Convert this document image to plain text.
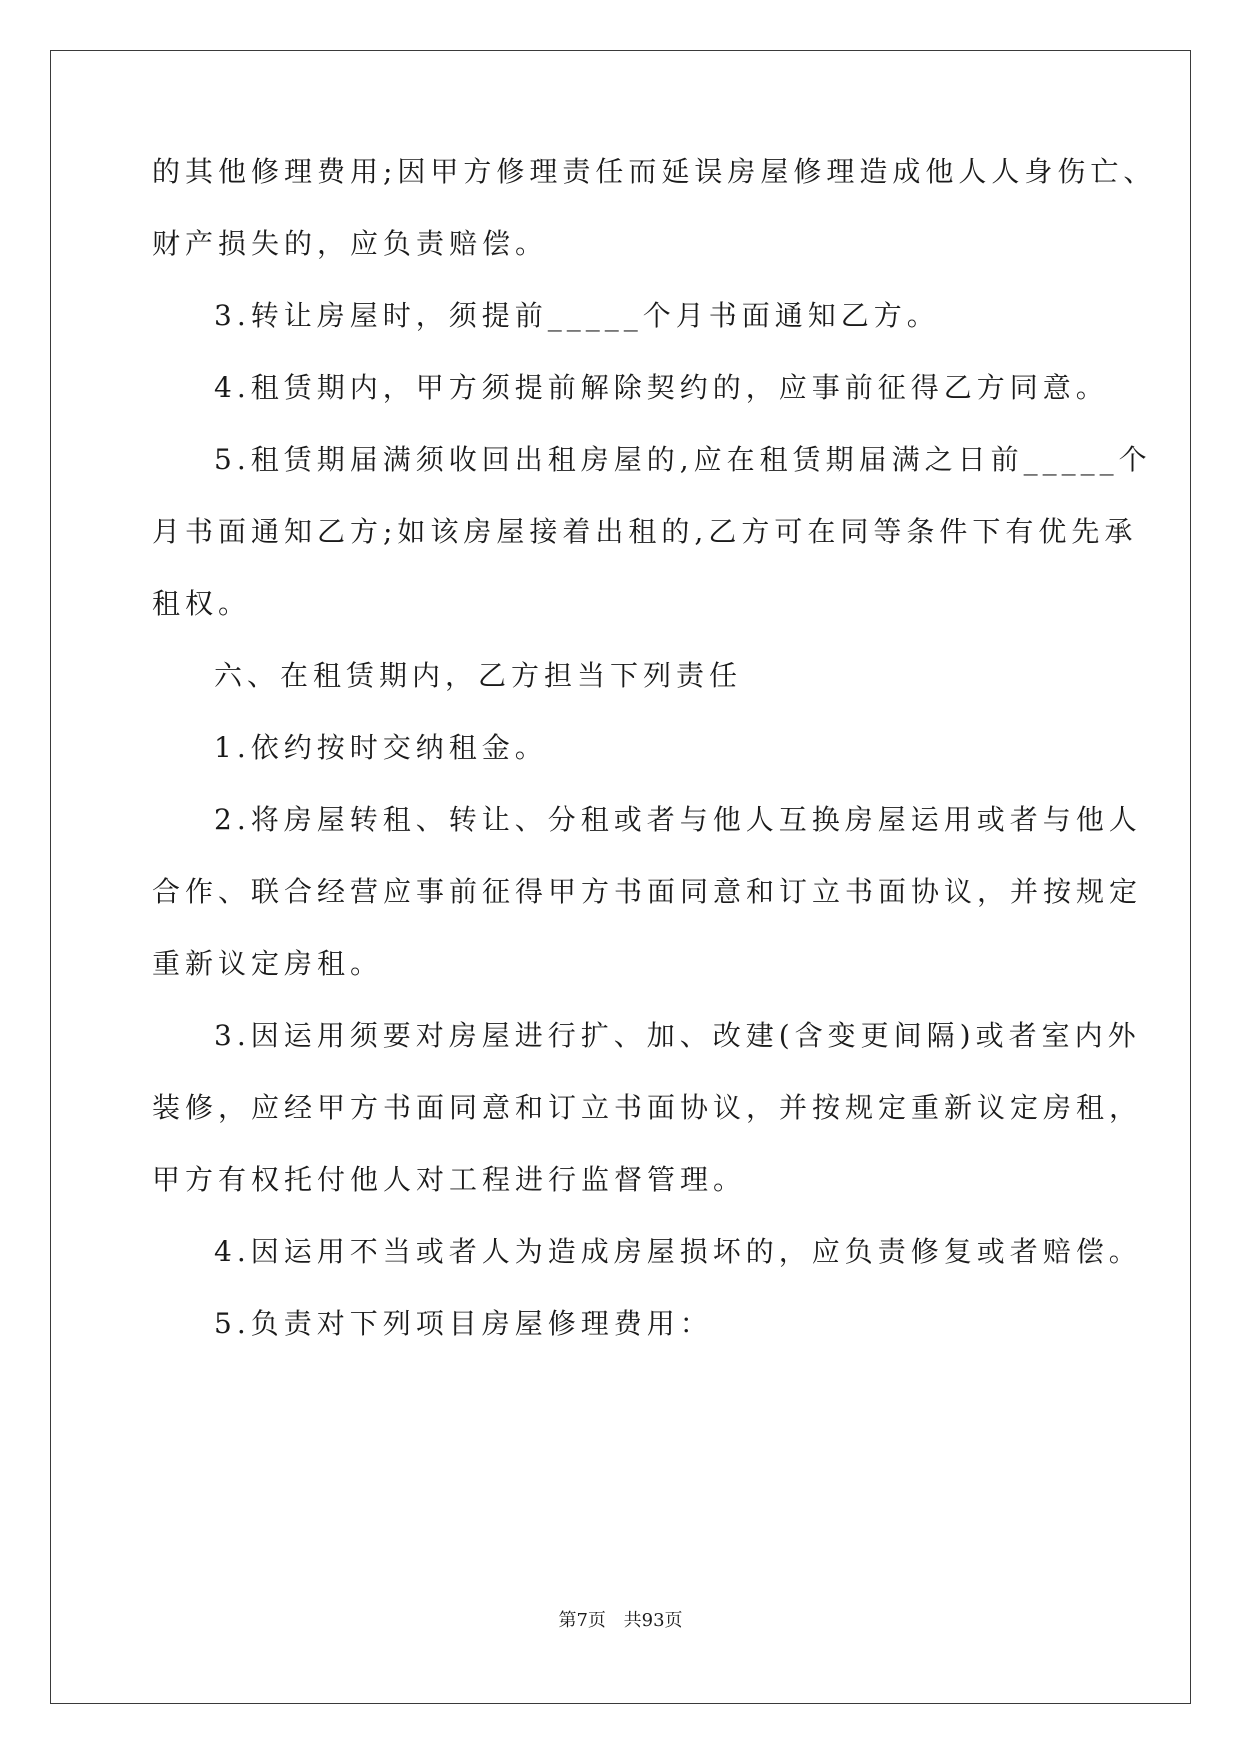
的其他修理费用;因甲方修理责任而延误房屋修理造成他人人身伤亡、
财产损失的，应负责赔偿。
3.转让房屋时，须提前_____个月书面通知乙方。
4.租赁期内，甲方须提前解除契约的，应事前征得乙方同意。
5.租赁期届满须收回出租房屋的,应在租赁期届满之日前_____个
月书面通知乙方;如该房屋接着出租的,乙方可在同等条件下有优先承
租权。
六、在租赁期内，乙方担当下列责任
1.依约按时交纳租金。
2.将房屋转租、转让、分租或者与他人互换房屋运用或者与他人
合作、联合经营应事前征得甲方书面同意和订立书面协议，并按规定
重新议定房租。
3.因运用须要对房屋进行扩、加、改建(含变更间隔)或者室内外
装修，应经甲方书面同意和订立书面协议，并按规定重新议定房租，
甲方有权托付他人对工程进行监督管理。
4.因运用不当或者人为造成房屋损坏的，应负责修复或者赔偿。
5.负责对下列项目房屋修理费用：
第7页 共93页
